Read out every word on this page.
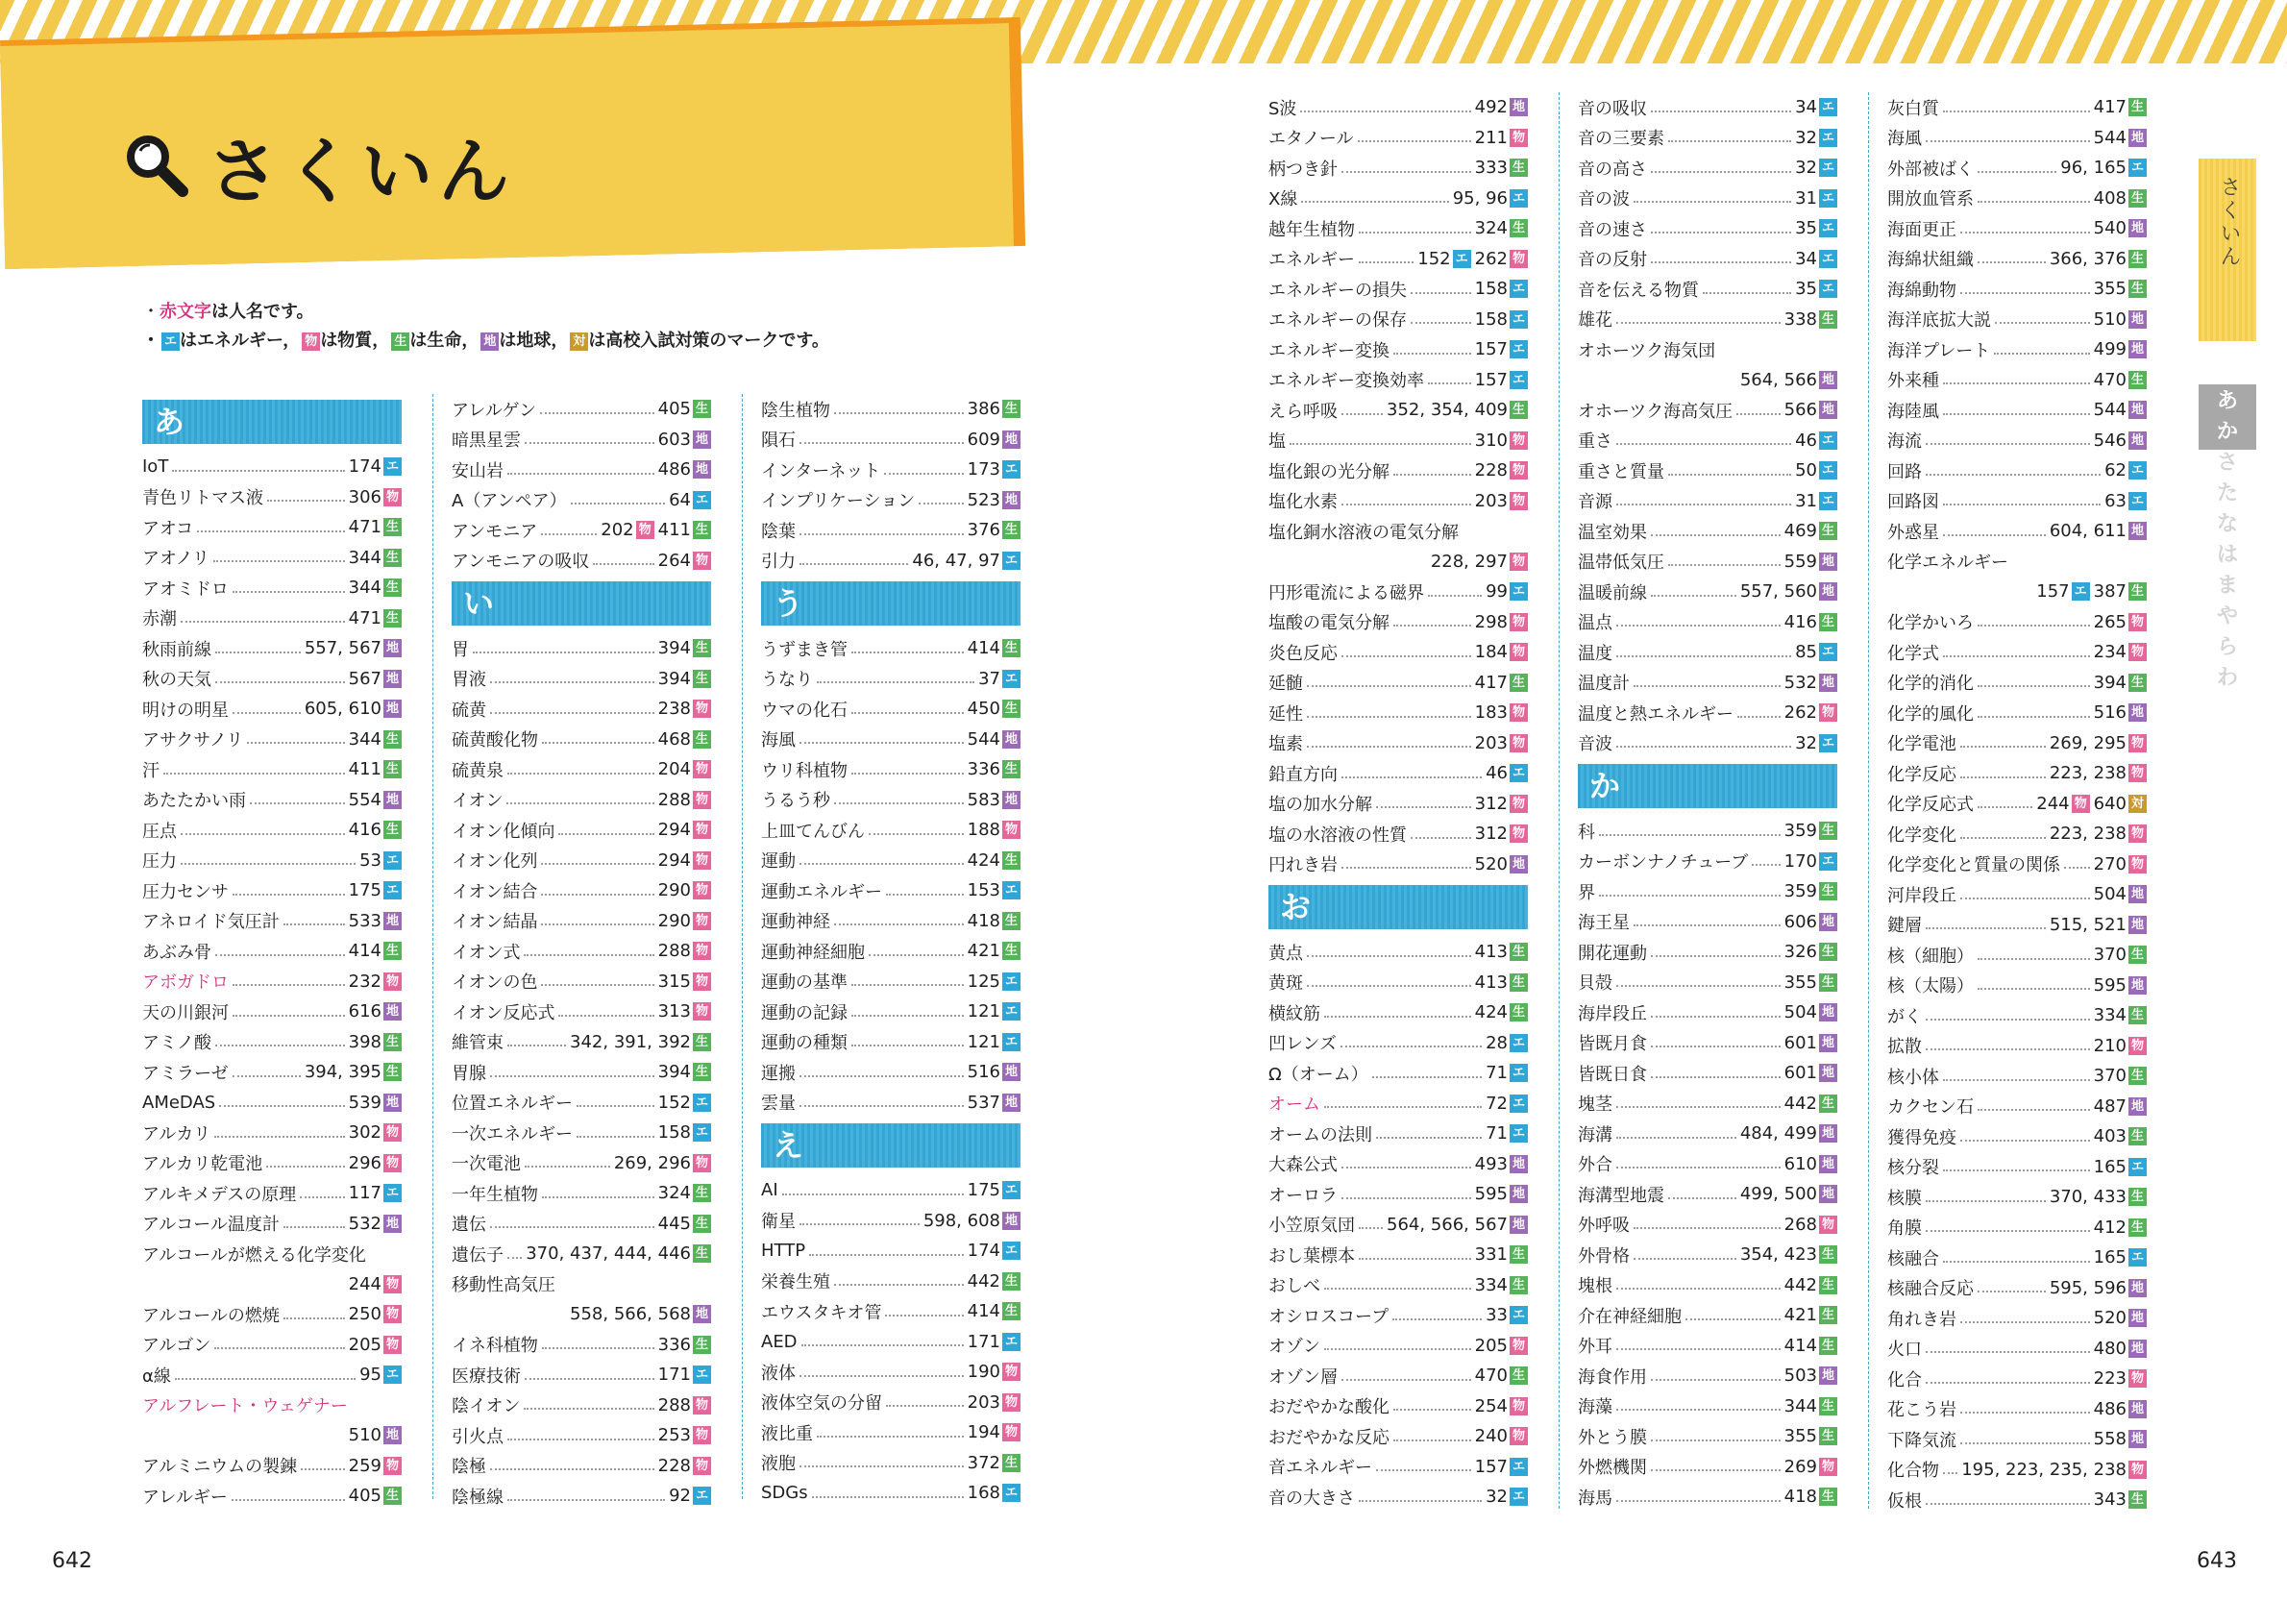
さくいん
・赤文字は人名です。
・ エ はエネルギー， 物 は物質， 生 は生命， 地 は地球， 対 は高校入試対策のマークです。
あ
IoT	174 エ
青色リトマス液	306 物
アオコ	471 生
アオノリ	344 生
アオミドロ	344 生
赤潮	471 生
秋雨前線	557, 567 地
秋の天気	567 地
明けの明星	605, 610 地
アサクサノリ	344 生
汗	411 生
あたたかい雨	554 地
圧点	416 生
圧力	53 エ
圧力センサ	175 エ
アネロイド気圧計	533 地
あぶみ骨	414 生
アボガドロ	232 物
天の川銀河	616 地
アミノ酸	398 生
アミラーゼ	394, 395 生
AMeDAS	539 地
アルカリ	302 物
アルカリ乾電池	296 物
アルキメデスの原理	117 エ
アルコール温度計	532 地
アルコールが燃える化学変化
244 物
アルコールの燃焼	250 物
アルゴン	205 物
α線	95 エ
アルフレート・ウェゲナー
510 地
アルミニウムの製錬	259 物
アレルギー	405 生
アレルゲン	405 生
暗黒星雲	603 地
安山岩	486 地
A（アンペア）	64 エ
アンモニア	202 物 411 生
アンモニアの吸収	264 物
い
胃	394 生
胃液	394 生
硫黄	238 物
硫黄酸化物	468 生
硫黄泉	204 物
イオン	288 物
イオン化傾向	294 物
イオン化列	294 物
イオン結合	290 物
イオン結晶	290 物
イオン式	288 物
イオンの色	315 物
イオン反応式	313 物
維管束	342, 391, 392 生
胃腺	394 生
位置エネルギー	152 エ
一次エネルギー	158 エ
一次電池	269, 296 物
一年生植物	324 生
遺伝	445 生
遺伝子 370, 437, 444, 446 生
移動性高気圧
558, 566, 568 地
イネ科植物	336 生
医療技術	171 エ
陰イオン	288 物
引火点	253 物
陰極	228 物
陰極線	92 エ
陰生植物	386 生
隕石	609 地
インターネット	173 エ
インプリケーション	523 地
陰葉	376 生
引力	46, 47, 97 エ
う
うずまき管	414 生
うなり	37 エ
ウマの化石	450 生
海風	544 地
ウリ科植物	336 生
うるう秒	583 地
上皿てんびん	188 物
運動	424 生
運動エネルギー	153 エ
運動神経	418 生
運動神経細胞	421 生
運動の基準	125 エ
運動の記録	121 エ
運動の種類	121 エ
運搬	516 地
雲量	537 地
え
AI	175 エ
衛星	598, 608 地
HTTP	174 エ
栄養生殖	442 生
エウスタキオ管	414 生
AED	171 エ
液体	190 物
液体空気の分留	203 物
液比重	194 物
液胞	372 生
SDGs	168 エ
S波	492 地
エタノール	211 物
柄つき針	333 生
X線	95, 96 エ
越年生植物	324 生
エネルギー	152 エ 262 物
エネルギーの損失	158 エ
エネルギーの保存	158 エ
エネルギー変換	157 エ
エネルギー変換効率	157 エ
えら呼吸	352, 354, 409 生
塩	310 物
塩化銀の光分解	228 物
塩化水素	203 物
塩化銅水溶液の電気分解
228, 297 物
円形電流による磁界	99 エ
塩酸の電気分解	298 物
炎色反応	184 物
延髄	417 生
延性	183 物
塩素	203 物
鉛直方向	46 エ
塩の加水分解	312 物
塩の水溶液の性質	312 物
円れき岩	520 地
お
黄点	413 生
黄斑	413 生
横紋筋	424 生
凹レンズ	28 エ
Ω（オーム）	71 エ
オーム	72 エ
オームの法則	71 エ
大森公式	493 地
オーロラ	595 地
小笠原気団 564, 566, 567 地
おし葉標本	331 生
おしべ	334 生
オシロスコープ	33 エ
オゾン	205 物
オゾン層	470 生
おだやかな酸化	254 物
おだやかな反応	240 物
音エネルギー	157 エ
音の大きさ	32 エ
音の吸収	34 エ
音の三要素	32 エ
音の高さ	32 エ
音の波	31 エ
音の速さ	35 エ
音の反射	34 エ
音を伝える物質	35 エ
雄花	338 生
オホーツク海気団
564, 566 地
オホーツク海高気圧	566 地
重さ	46 エ
重さと質量	50 エ
音源	31 エ
温室効果	469 生
温帯低気圧	559 地
温暖前線	557, 560 地
温点	416 生
温度	85 エ
温度計	532 地
温度と熱エネルギー	262 物
音波	32 エ
か
科	359 生
カーボンナノチューブ 170 エ
界	359 生
海王星	606 地
開花運動	326 生
貝殻	355 生
海岸段丘	504 地
皆既月食	601 地
皆既日食	601 地
塊茎	442 生
海溝	484, 499 地
外合	610 地
海溝型地震	499, 500 地
外呼吸	268 物
外骨格	354, 423 生
塊根	442 生
介在神経細胞	421 生
外耳	414 生
海食作用	503 地
海藻	344 生
外とう膜	355 生
外燃機関	269 物
海馬	418 生
灰白質	417 生
海風	544 地
外部被ばく	96, 165 エ
開放血管系	408 生
海面更正	540 地
海綿状組織	366, 376 生
海綿動物	355 生
海洋底拡大説	510 地
海洋プレート	499 地
外来種	470 生
海陸風	544 地
海流	546 地
回路	62 エ
回路図	63 エ
外惑星	604, 611 地
化学エネルギー
157 エ 387 生
化学かいろ	265 物
化学式	234 物
化学的消化	394 生
化学的風化	516 地
化学電池	269, 295 物
化学反応	223, 238 物
化学反応式	244 物 640 対
化学変化	223, 238 物
化学変化と質量の関係 270 物
河岸段丘	504 地
鍵層	515, 521 地
核（細胞）	370 生
核（太陽）	595 地
がく	334 生
拡散	210 物
核小体	370 生
カクセン石	487 地
獲得免疫	403 生
核分裂	165 エ
核膜	370, 433 生
角膜	412 生
核融合	165 エ
核融合反応	595, 596 地
角れき岩	520 地
火口	480 地
化合	223 物
花こう岩	486 地
下降気流	558 地
化合物 195, 223, 235, 238 物
仮根	343 生
642	643
さくいん
あ
か
さ
た
な
は
ま
や
ら
わ
